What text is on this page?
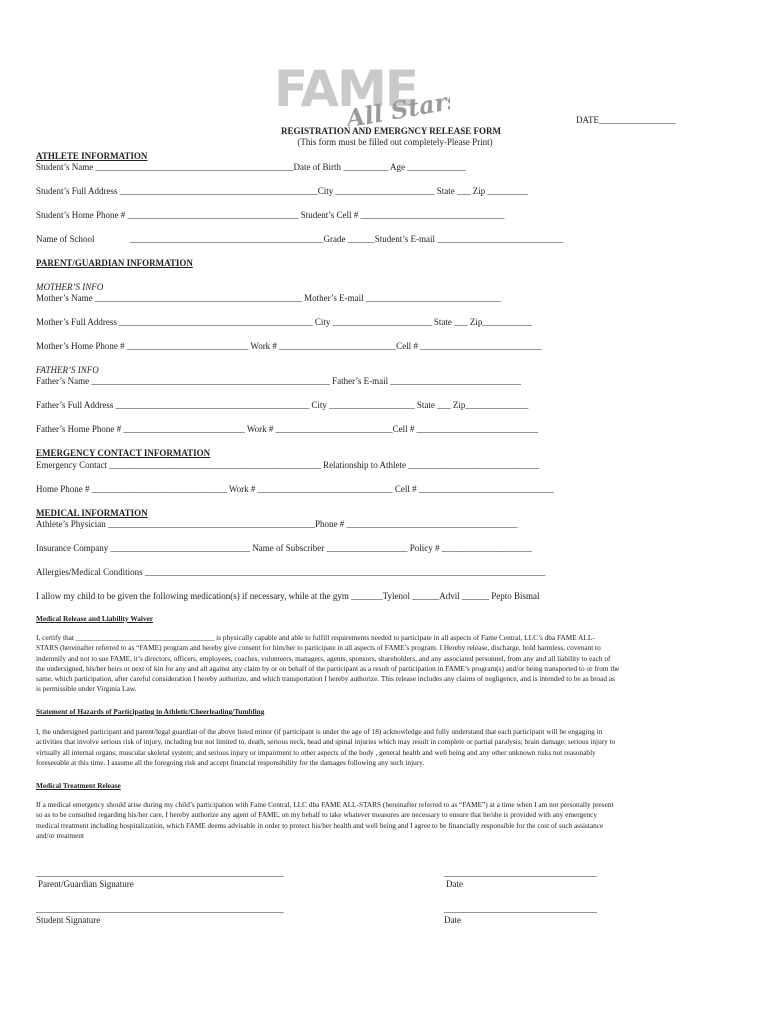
FAME
All Stars	DATE_________________
REGISTRATION AND EMERGNCY RELEASE FORM
(This form must be filled out completely-Please Print)
ATHLETE INFORMATION
Student’s Name ____________________________________________Date of Birth __________ Age _____________
Student’s Full Address ____________________________________________City ______________________ State ___ Zip _________
Student’s Home Phone # ______________________________________ Student’s Cell # ________________________________
Name of School	___________________________________________Grade ______Student’s E-mail ____________________________
PARENT/GUARDIAN INFORMATION
MOTHER’S INFO
Mother’s Name ______________________________________________ Mother’s E-mail ______________________________
Mother’s Full Address ___________________________________________ City ______________________ State ___ Zip___________
Mother’s Home Phone # ___________________________ Work # __________________________Cell # ___________________________
FATHER’S INFO
Father’s Name _____________________________________________________ Father’s E-mail _____________________________
Father’s Full Address ___________________________________________ City ___________________ State ___ Zip______________
Father’s Home Phone # ___________________________ Work # __________________________Cell # ___________________________
EMERGENCY CONTACT INFORMATION
Emergency Contact _______________________________________________ Relationship to Athlete _____________________________
Home Phone # ______________________________ Work # ______________________________ Cell # ______________________________
MEDICAL INFORMATION
Athlete’s Physician ______________________________________________Phone # ______________________________________
Insurance Company _______________________________ Name of Subscriber __________________ Policy # ____________________
Allergies/Medical Conditions _________________________________________________________________________________________
I allow my child to be given the following medication(s) if necessary, while at the gym _______Tylenol ______Advil ______ Pepto Bismal
Medical Release and Liability Waiver
I, certify that ______________________________________ is physically capable and able to fulfill requirements needed to participate in all aspects of Fame Central, LLC’s dba FAME ALL-
STARS (hereinafter referred to as “FAME) program and hereby give consent for him/her to participate in all aspects of FAME’s program. I Hereby release, discharge, hold harmless, covenant to
indemnify and not to sue FAME, it’s directors, officers, employees, coaches, volunteers, managers, agents, sponsors, shareholders, and any associated personnel, from any and all liability to each of
the undersigned, his/her heirs or next of kin for any and all against any claim by or on behalf of the participant as a result of participation in FAME’s program(s) and/or being transported to or from the
same, which participation, after careful consideration I hereby authorize, and which transportation I hereby authorize. This release includes any claims of negligence, and is intended to be as broad as
is permissible under Virginia Law.
Statement of Hazards of Participating in Athletic/Cheerleading/Tumbling
I, the undersigned participant and parent/legal guardian of the above listed minor (if participant is under the age of 18) acknowledge and fully understand that each participant will be engaging in
activities that involve serious risk of injury, including but not limited to, death, serious neck, head and spinal injuries which may result in complete or partial paralysis; brain damage; serious injury to
virtually all internal organs; muscular skeletal system; and serious injury or impairment to other aspects of the body , general health and well being and any other unknown risks not reasonably
foreseeable at this time. I assume all the foregoing risk and accept financial responsibility for the damages following any such injury.
Medical Treatment Release
If a medical emergency should arise during my child’s participation with Fame Central, LLC dba FAME ALL-STARS (hereinafter referred to as “FAME”) at a time when I am not personally present
so as to be consulted regarding his/her care, I hereby authorize any agent of FAME, on my behalf to take whatever measures are necessary to ensure that he/she is provided with any emergency
medical treatment including hospitalization, which FAME deems advisable in order to protect his/her health and well being and I agree to be financially responsible for the cost of such assistance
and/or treatment
_______________________________________________________
Parent/Guardian Signature
__________________________________
Date
_______________________________________________________
Student Signature
__________________________________
Date
